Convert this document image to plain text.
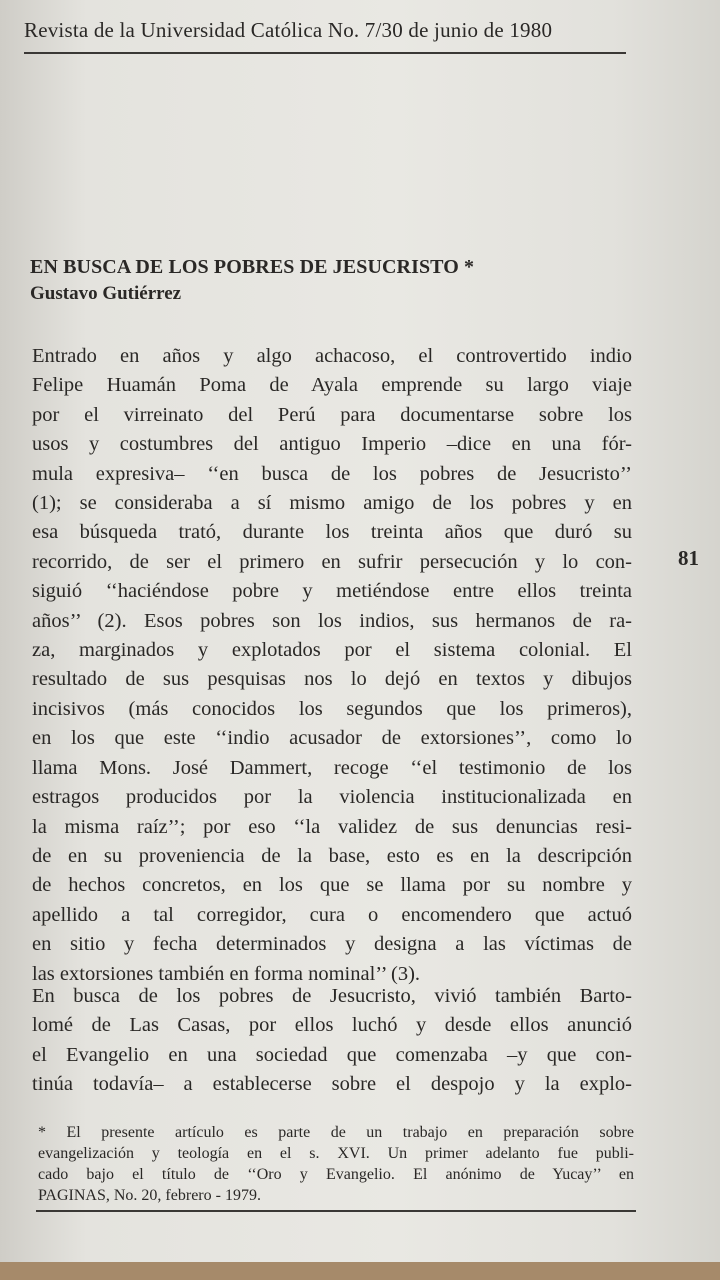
Revista de la Universidad Católica No. 7/30 de junio de 1980
EN BUSCA DE LOS POBRES DE JESUCRISTO *
Gustavo Gutiérrez
81
Entrado en años y algo achacoso, el controvertido indio
Felipe Huamán Poma de Ayala emprende su largo viaje
por el virreinato del Perú para documentarse sobre los
usos y costumbres del antiguo Imperio –dice en una fór-
mula expresiva– ‘‘en busca de los pobres de Jesucristo’’
(1); se consideraba a sí mismo amigo de los pobres y en
esa búsqueda trató, durante los treinta años que duró su
recorrido, de ser el primero en sufrir persecución y lo con-
siguió ‘‘haciéndose pobre y metiéndose entre ellos treinta
años’’ (2). Esos pobres son los indios, sus hermanos de ra-
za, marginados y explotados por el sistema colonial. El
resultado de sus pesquisas nos lo dejó en textos y dibujos
incisivos (más conocidos los segundos que los primeros),
en los que este ‘‘indio acusador de extorsiones’’, como lo
llama Mons. José Dammert, recoge ‘‘el testimonio de los
estragos producidos por la violencia institucionalizada en
la misma raíz’’; por eso ‘‘la validez de sus denuncias resi-
de en su proveniencia de la base, esto es en la descripción
de hechos concretos, en los que se llama por su nombre y
apellido a tal corregidor, cura o encomendero que actuó
en sitio y fecha determinados y designa a las víctimas de
las extorsiones también en forma nominal’’ (3).
En busca de los pobres de Jesucristo, vivió también Barto-
lomé de Las Casas, por ellos luchó y desde ellos anunció
el Evangelio en una sociedad que comenzaba –y que con-
tinúa todavía– a establecerse sobre el despojo y la explo-
* El presente artículo es parte de un trabajo en preparación sobre
evangelización y teología en el s. XVI. Un primer adelanto fue publi-
cado bajo el título de ‘‘Oro y Evangelio. El anónimo de Yucay’’ en
PAGINAS, No. 20, febrero - 1979.
